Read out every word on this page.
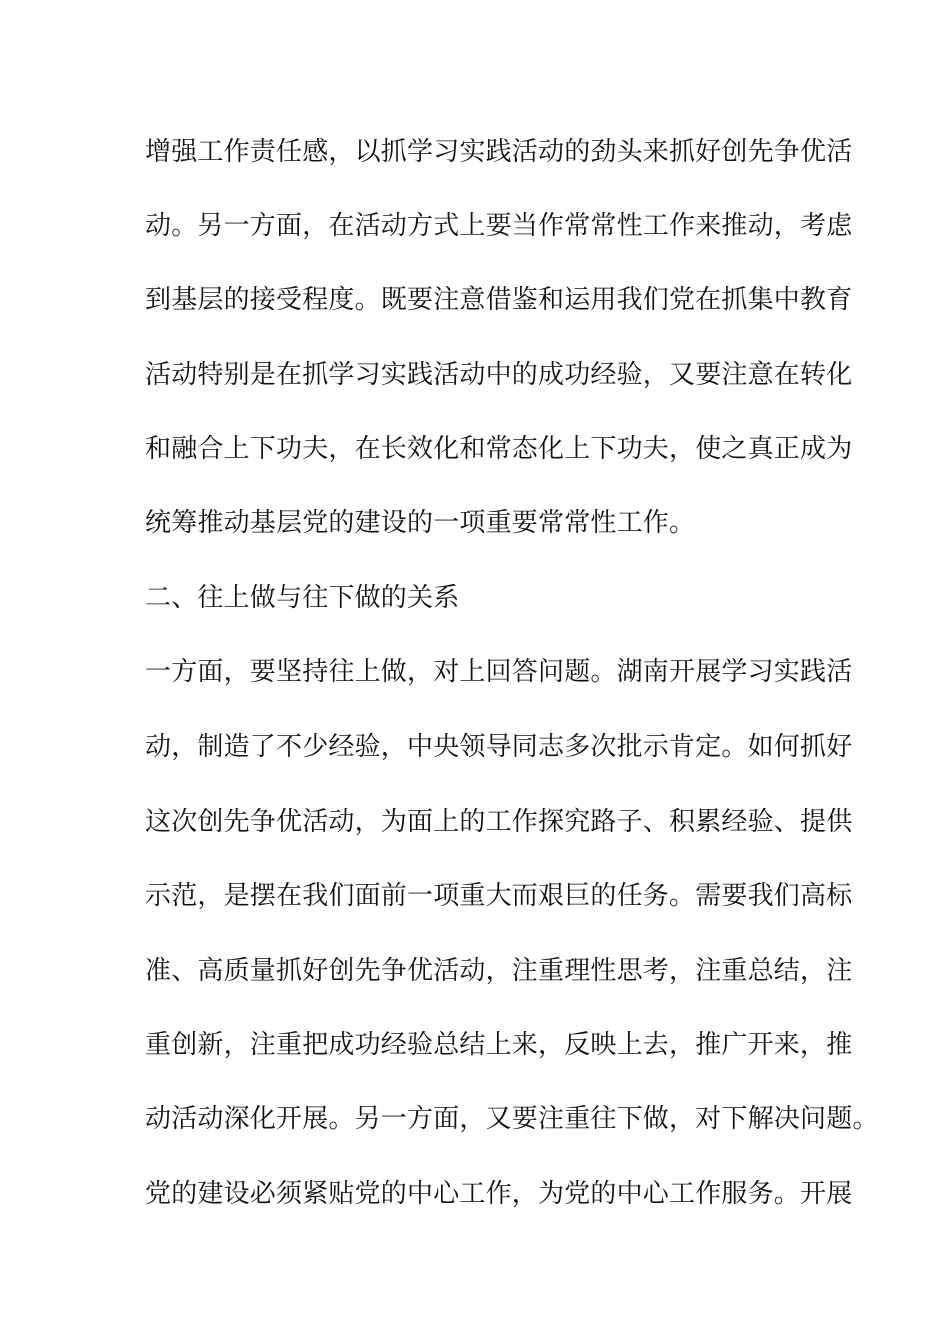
增强工作责任感，以抓学习实践活动的劲头来抓好创先争优活
动。另一方面，在活动方式上要当作常常性工作来推动，考虑
到基层的接受程度。既要注意借鉴和运用我们党在抓集中教育
活动特别是在抓学习实践活动中的成功经验，又要注意在转化
和融合上下功夫，在长效化和常态化上下功夫，使之真正成为
统筹推动基层党的建设的一项重要常常性工作。
二、往上做与往下做的关系
一方面，要坚持往上做，对上回答问题。湖南开展学习实践活
动，制造了不少经验，中央领导同志多次批示肯定。如何抓好
这次创先争优活动，为面上的工作探究路子、积累经验、提供
示范，是摆在我们面前一项重大而艰巨的任务。需要我们高标
准、高质量抓好创先争优活动，注重理性思考，注重总结，注
重创新，注重把成功经验总结上来，反映上去，推广开来，推
动活动深化开展。另一方面，又要注重往下做，对下解决问题。
党的建设必须紧贴党的中心工作，为党的中心工作服务。开展
